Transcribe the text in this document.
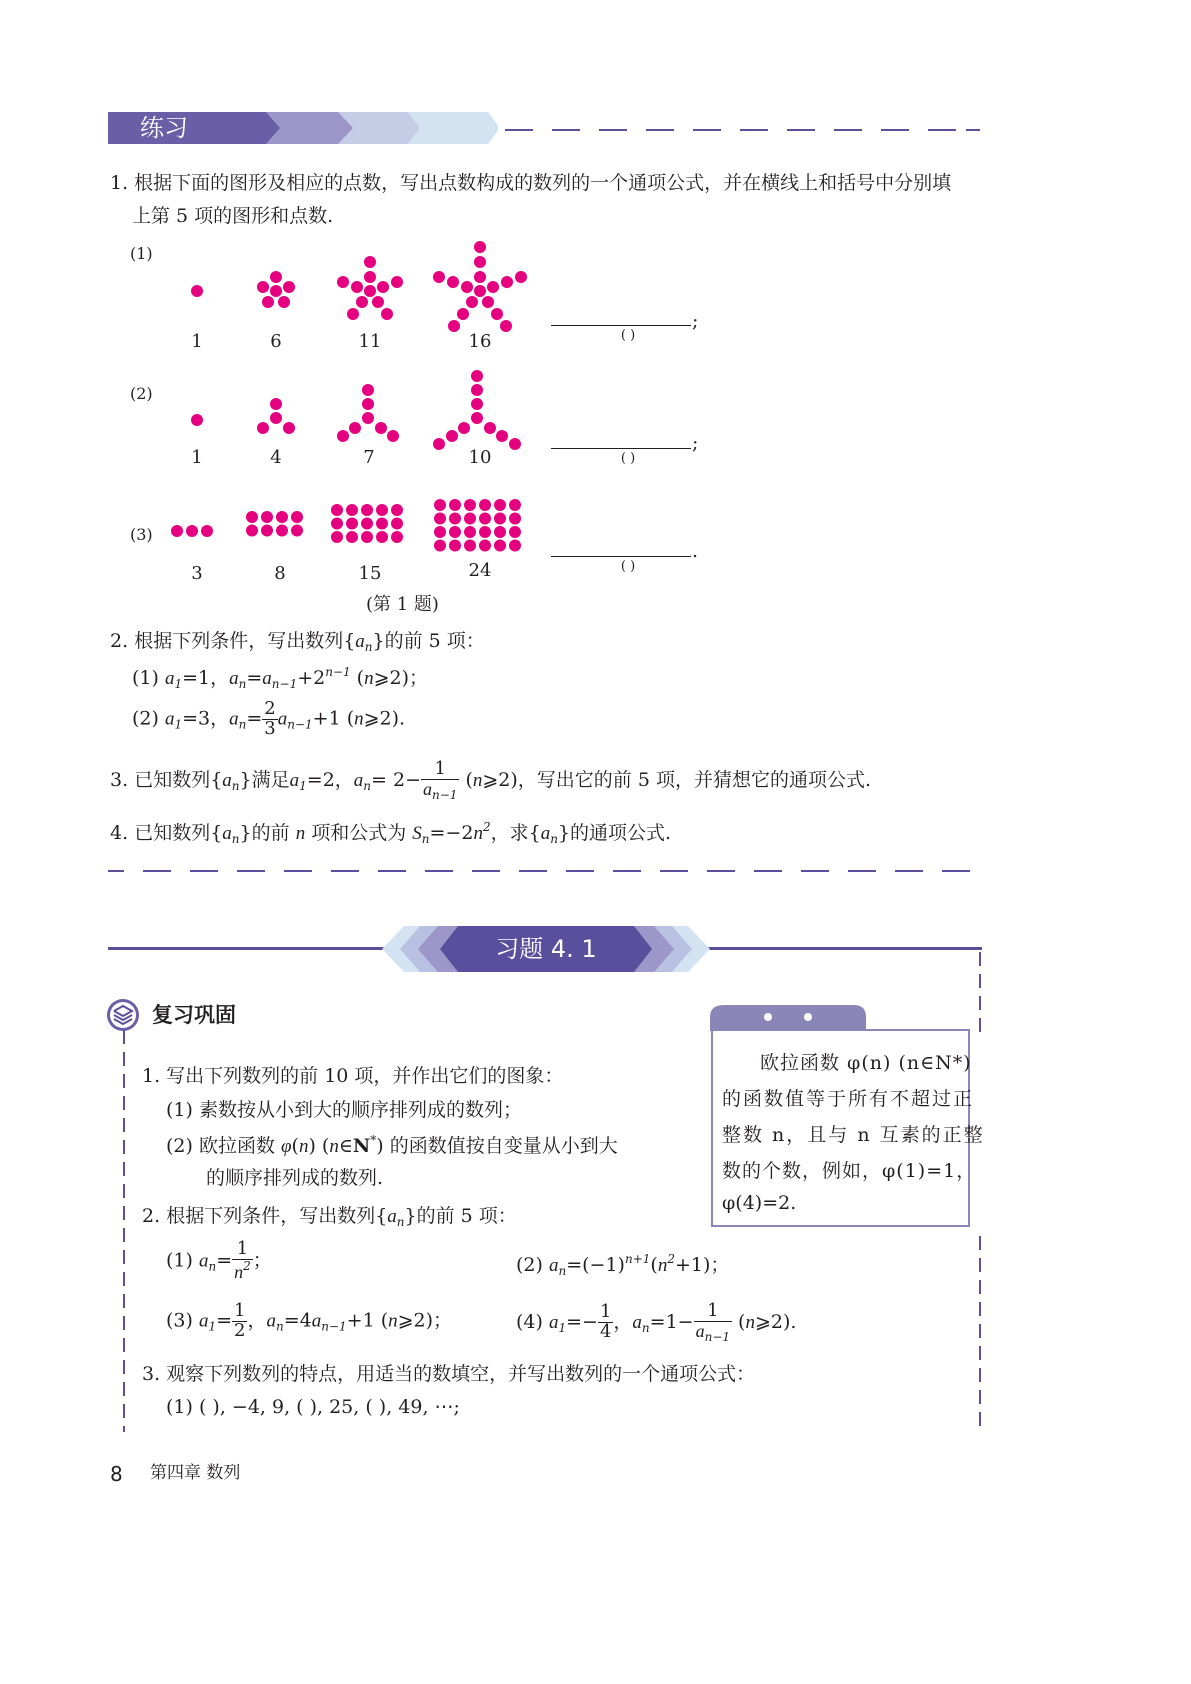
练习
1. 根据下面的图形及相应的点数，写出点数构成的数列的一个通项公式，并在横线上和括号中分别填
上第 5 项的图形和点数.
(1)
1	6	11	16
;
( )
(2)
1	4	7	10
;
( )
(3)
3	8	15	24
.
( )
(第 1 题)
2. 根据下列条件，写出数列$\{a_n\}$的前 5 项：
(1) $a_1=1$，$a_n=a_{n-1}+2^{n-1}$ (n⩾2)；
(2) $a_1=3$，$a_n= \frac{2}{3} a_{n-1}+1$ (n⩾2).
3. 已知数列$\{a_n\}$满足$a_1=2$，$a_n= 2- \frac{1}{a_{n-1}}$ (n⩾2)，写出它的前 5 项，并猜想它的通项公式.
4. 已知数列$\{a_n\}$的前 n 项和公式为 $S_n=-2n^2$，求$\{a_n\}$的通项公式.
习题 4. 1
复习巩固
欧拉函数 φ(n) (n∈N*)
的函数值等于所有不超过正
整数 n，且与 n 互素的正整
数的个数，例如，φ(1)=1，
φ(4)=2.
1. 写出下列数列的前 10 项，并作出它们的图象：
(1) 素数按从小到大的顺序排列成的数列；
(2) 欧拉函数 φ(n) (n∈N*) 的函数值按自变量从小到大
的顺序排列成的数列.
2. 根据下列条件，写出数列$\{a_n\}$的前 5 项：
(1) $a_n= \frac{1}{n^2}$ ；	(2) $a_n=(-1)^{n+1}(n^2+1)$；
(3) $a_1= \frac{1}{2}$ ，$a_n=4a_{n-1}+1$ (n⩾2)；	(4) $a_1=- \frac{1}{4}$ ，$a_n=1- \frac{1}{a_{n-1}}$ (n⩾2).
3. 观察下列数列的特点，用适当的数填空，并写出数列的一个通项公式：
(1) ( ), −4, 9, ( ), 25, ( ), 49, ⋯;
8 第四章 数列
